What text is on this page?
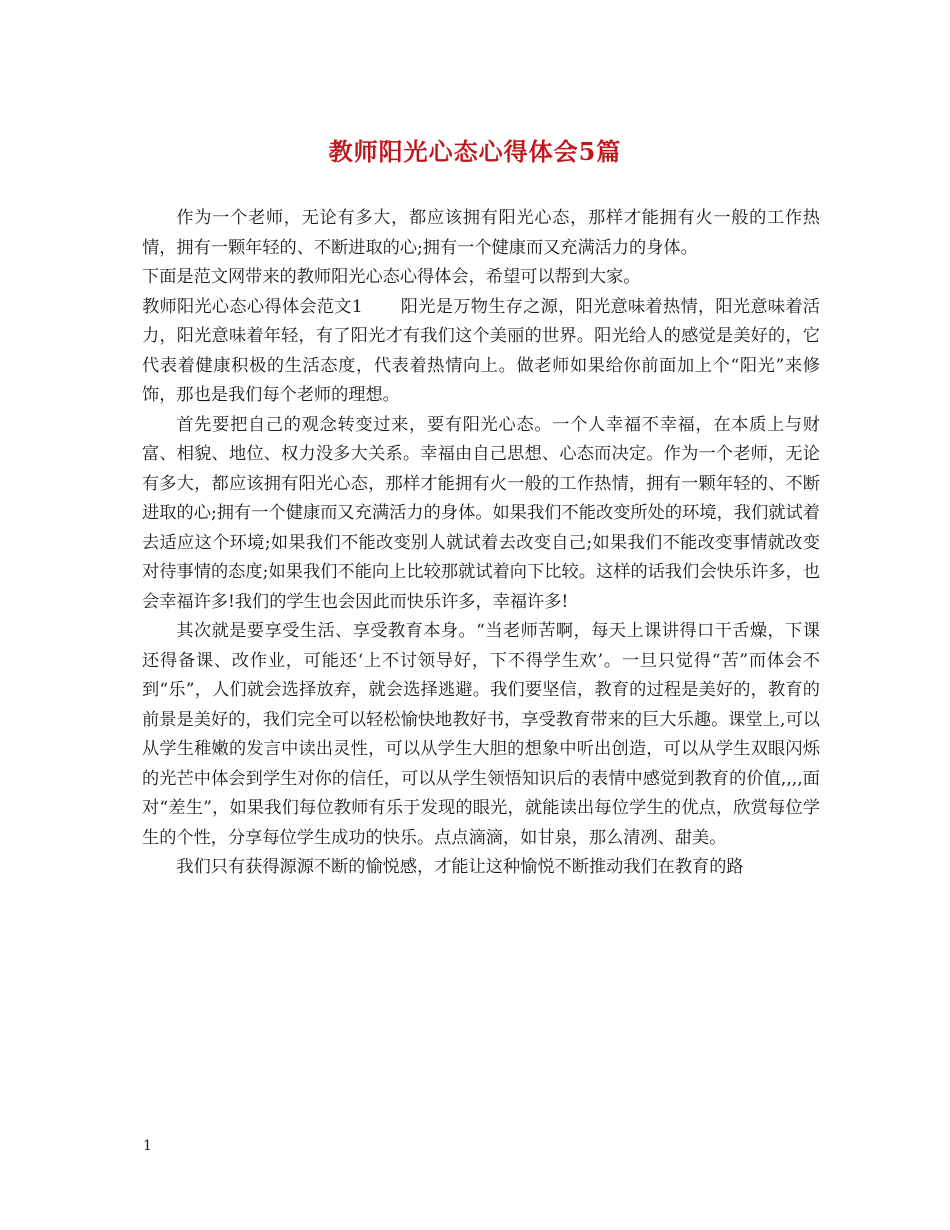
教师阳光心态心得体会5篇

作为一个老师，无论有多大，都应该拥有阳光心态，那样才能拥有火一般的工作热情，拥有一颗年轻的、不断进取的心;拥有一个健康而又充满活力的身体。

下面是范文网带来的教师阳光心态心得体会，希望可以帮到大家。

教师阳光心态心得体会范文1 阳光是万物生存之源，阳光意味着热情，阳光意味着活力，阳光意味着年轻，有了阳光才有我们这个美丽的世界。阳光给人的感觉是美好的，它代表着健康积极的生活态度，代表着热情向上。做老师如果给你前面加上个“阳光”来修饰，那也是我们每个老师的理想。

首先要把自己的观念转变过来，要有阳光心态。一个人幸福不幸福，在本质上与财富、相貌、地位、权力没多大关系。幸福由自己思想、心态而决定。作为一个老师，无论有多大，都应该拥有阳光心态，那样才能拥有火一般的工作热情，拥有一颗年轻的、不断进取的心;拥有一个健康而又充满活力的身体。如果我们不能改变所处的环境，我们就试着去适应这个环境;如果我们不能改变别人就试着去改变自己;如果我们不能改变事情就改变对待事情的态度;如果我们不能向上比较那就试着向下比较。这样的话我们会快乐许多，也会幸福许多!我们的学生也会因此而快乐许多，幸福许多!

其次就是要享受生活、享受教育本身。“当老师苦啊，每天上课讲得口干舌燥，下课还得备课、改作业，可能还‘上不讨领导好，下不得学生欢’。一旦只觉得“苦”而体会不到“乐”，人们就会选择放弃，就会选择逃避。我们要坚信，教育的过程是美好的，教育的前景是美好的，我们完全可以轻松愉快地教好书，享受教育带来的巨大乐趣。课堂上,可以从学生稚嫩的发言中读出灵性，可以从学生大胆的想象中听出创造，可以从学生双眼闪烁的光芒中体会到学生对你的信任，可以从学生领悟知识后的表情中感觉到教育的价值,,,,面对“差生”，如果我们每位教师有乐于发现的眼光，就能读出每位学生的优点，欣赏每位学生的个性，分享每位学生成功的快乐。点点滴滴，如甘泉，那么清冽、甜美。

我们只有获得源源不断的愉悦感，才能让这种愉悦不断推动我们在教育的路

1
